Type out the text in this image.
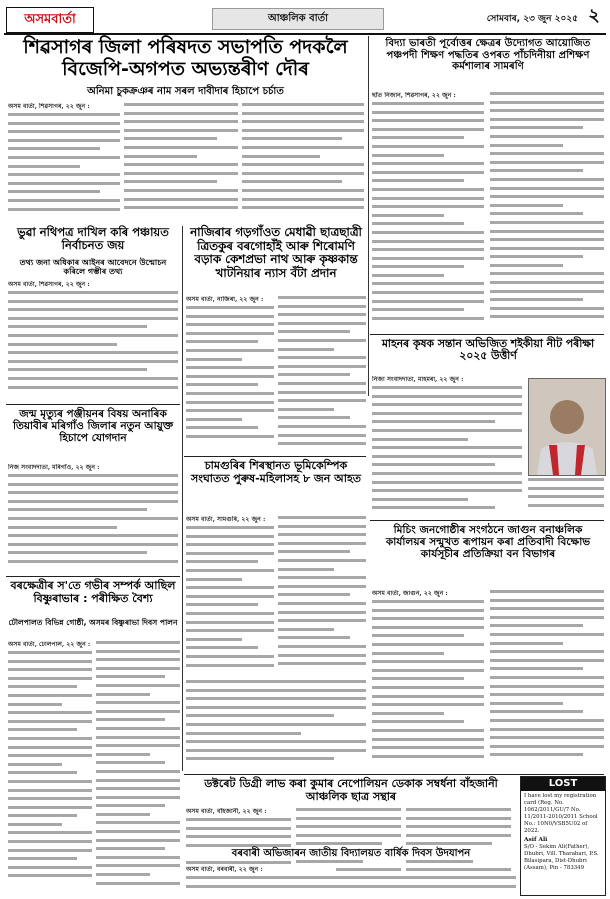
অসমবাৰ্তা	আঞ্চলিক বাৰ্তা	সোমবাৰ, ২৩ জুন ২০২৫ ২
শিৱসাগৰ জিলা পৰিষদত সভাপতি পদকলৈ বিজেপি-অগপত অভ্যন্তৰীণ দৌৰ
অনিমা চুকক্ৰঞৰ নাম সৰল দাবীদাৰ হিচাপে চৰ্চাত
অসম বাৰ্তা, শিৱসাগৰ, ২২ জুন :
বিদ্যা ভাৰতী পূৰ্বোত্তৰ ক্ষেত্ৰৰ উদ্যোগত আয়োজিত পঞ্চপদী শিক্ষণ পদ্ধতিৰ ওপৰত পাঁচদিনীয়া প্ৰশিক্ষণ কৰ্মশালাৰ সামৰণি
ছাঁত নিজান, শিৱসাগৰ, ২২ জুন :
ভুৱা নথিপত্ৰ দাখিল কৰি পঞ্চায়ত নিৰ্বাচনত জয়
তথ্য জনা অধিকাৰ আইনৰ আবেদনে উন্মোচন কৰিলে গম্ভীৰ তথ্য
অসম বাৰ্তা, শিৱসাগৰ, ২২ জুন :
নাজিৰাৰ গড়গাঁওত মেধাৱী ছাত্ৰছাত্ৰী ত্ৰিতকুৰ বৰগোহাঁই আৰু শিৰোমণি বড়াক কেশপ্ৰভা নাথ আৰু কৃষ্ণকান্ত খাটনিয়াৰ ন্যাস বঁটা প্ৰদান
অসম বাৰ্তা, নাজিৰা, ২২ জুন :
মাহনৰ কৃষক সন্তান অভিজিত শইকীয়া নীট পৰীক্ষা ২০২৫ উত্তীৰ্ণ
নিজা সংবাদদাতা, মাহমৰা, ২২ জুন :
জন্ম মৃত্যুৰ পঞ্জীয়নৰ বিষয় অনাৰিক তিয়াবীৰ মৰিগাঁও জিলাৰ নতুন আয়ুক্ত হিচাপে যোগদান
নিজ সংবাদদাতা, মৰিগাঁও, ২২ জুন :	চামগুৰিৰ শিৰস্থানত ভূমিকেম্পিক সংঘাতত পুৰুষ-মহিলাসহ ৮ জন আহত
অসম বাৰ্তা, সামগুৰি, ২২ জুন :
মিচিং জনগোষ্ঠীৰ সংগঠনে জাগুন বনাঞ্চলিক কাৰ্যালয়ৰ সন্মুখত ৰূপায়ন কৰা প্ৰতিবাদী বিক্ষোভ কাৰ্যসূচীৰ প্ৰতিক্ৰিয়া বন বিভাগৰ
অসম বাৰ্তা, জাগুন, ২২ জুন :
বৰক্ষেত্ৰীৰ স'তে গভীৰ সম্পৰ্ক আছিল বিষ্ণুৰাভাৰ : পৰীক্ষিত বৈশ্য
ঢৌলপালত বিভিন্ন গোষ্ঠী, অসমৰ বিষ্ণুৰাভা দিবস পালন
অসম বাৰ্তা, ঢোলপাল, ২২ জুন :
ডক্টৰেট ডিগ্ৰী লাভ কৰা কুমাৰ নেপোলিয়ন ডেকাক সম্বৰ্ধনা বাঁহজানী আঞ্চলিক ছাত্ৰ সন্থাৰ
অসম বাৰ্তা, বাঁহজানী, ২২ জুন :
বৰবাৰী অভিজাৰন জাতীয় বিদ্যালয়ত বাৰ্ষিক দিবস উদযাপন
অসম বাৰ্তা, বৰবাৰী, ২২ জুন :
LOST
I have lost my registration card (Reg. No. 1062/2011/GU/7 No. 11/2011-2010/2011 School No.: 10N0/VSB5U02 of 2022.
Asif Ali
S/O - Sekim Ali(Father), Dhubri, Vill. Tharabari, P.S. Bilasipara, Dist-Dhubri (Assam), Pin - 783349
